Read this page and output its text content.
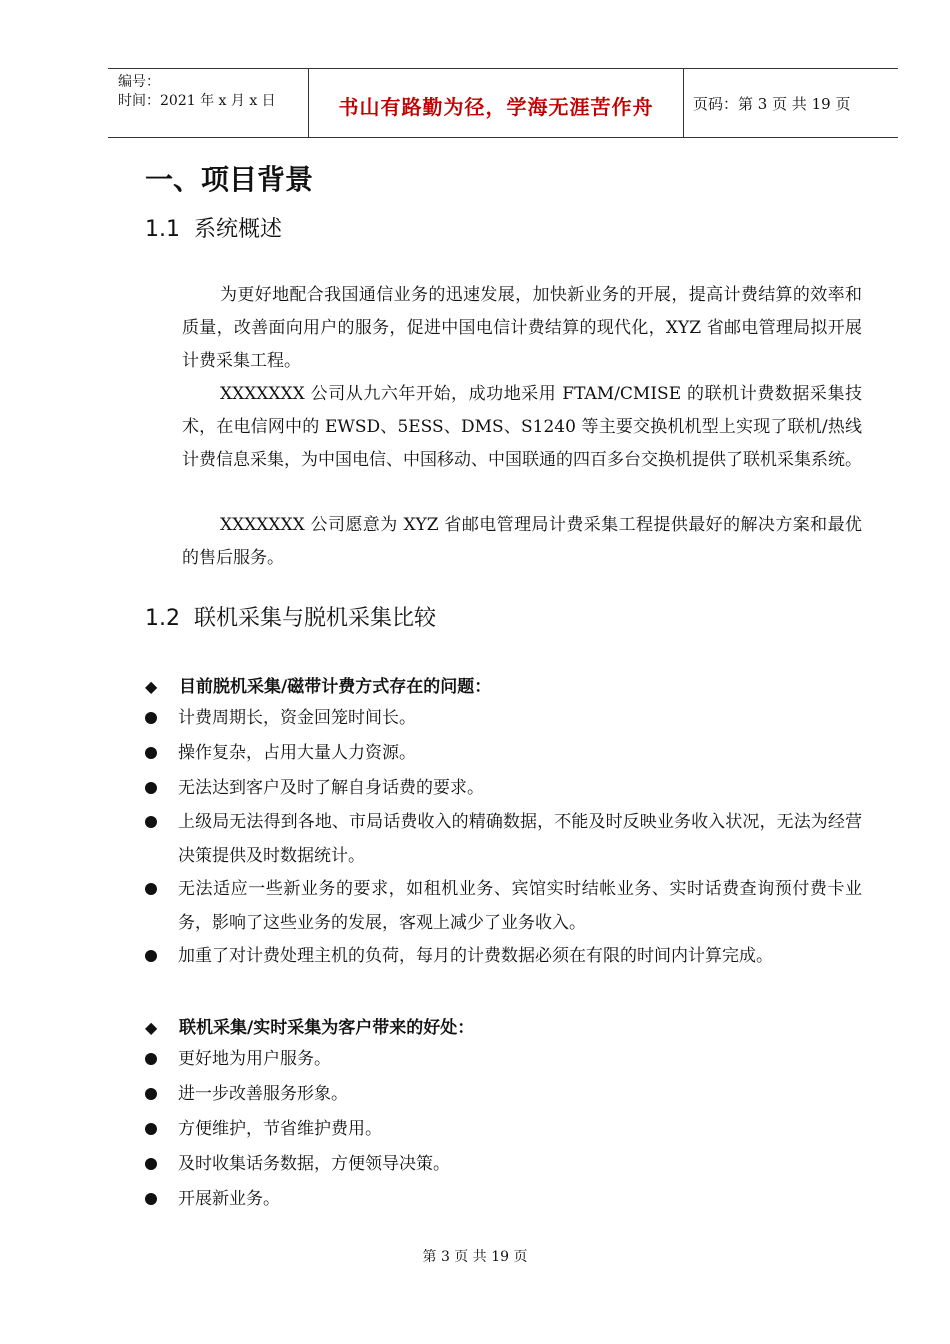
编号：
时间：2021 年 x 月 x 日	书山有路勤为径，学海无涯苦作舟	页码：第 3 页 共 19 页
一、项目背景
1.1 系统概述
为更好地配合我国通信业务的迅速发展，加快新业务的开展，提高计费结算的效率和质量，改善面向用户的服务，促进中国电信计费结算的现代化，XYZ 省邮电管理局拟开展计费采集工程。
XXXXXXX 公司从九六年开始，成功地采用 FTAM/CMISE 的联机计费数据采集技术，在电信网中的 EWSD、5ESS、DMS、S1240 等主要交换机机型上实现了联机/热线计费信息采集，为中国电信、中国移动、中国联通的四百多台交换机提供了联机采集系统。
XXXXXXX 公司愿意为 XYZ 省邮电管理局计费采集工程提供最好的解决方案和最优的售后服务。
1.2 联机采集与脱机采集比较
◆ 目前脱机采集/磁带计费方式存在的问题：
计费周期长，资金回笼时间长。
操作复杂，占用大量人力资源。
无法达到客户及时了解自身话费的要求。
上级局无法得到各地、市局话费收入的精确数据，不能及时反映业务收入状况，无法为经营决策提供及时数据统计。
无法适应一些新业务的要求，如租机业务、宾馆实时结帐业务、实时话费查询预付费卡业务，影响了这些业务的发展，客观上减少了业务收入。
加重了对计费处理主机的负荷，每月的计费数据必须在有限的时间内计算完成。
◆ 联机采集/实时采集为客户带来的好处：
更好地为用户服务。
进一步改善服务形象。
方便维护，节省维护费用。
及时收集话务数据，方便领导决策。
开展新业务。
第 3 页 共 19 页
